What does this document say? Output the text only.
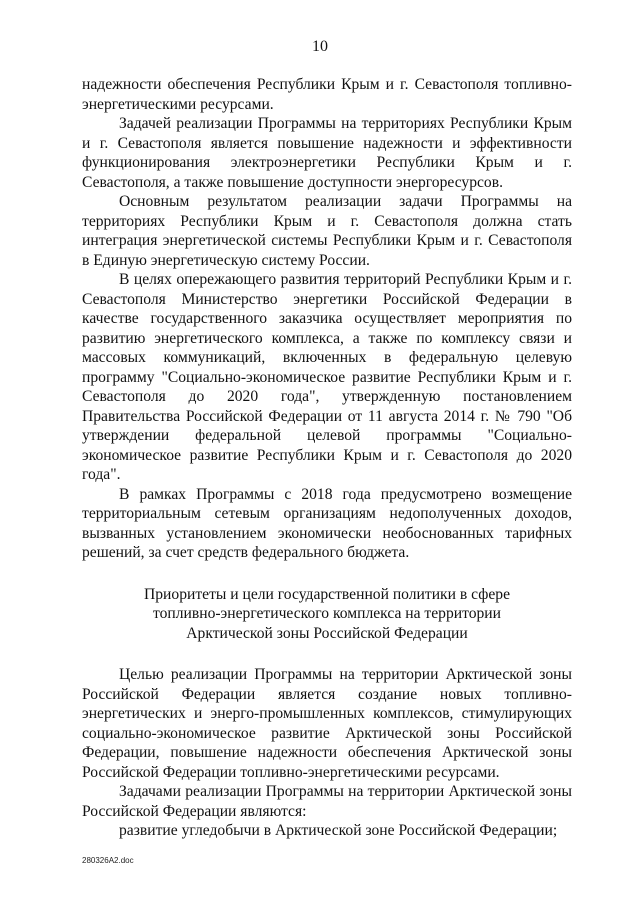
10

надежности обеспечения Республики Крым и г. Севастополя топливно-энергетическими ресурсами.

Задачей реализации Программы на территориях Республики Крым и г. Севастополя является повышение надежности и эффективности функционирования электроэнергетики Республики Крым и г. Севастополя, а также повышение доступности энергоресурсов.

Основным результатом реализации задачи Программы на территориях Республики Крым и г. Севастополя должна стать интеграция энергетической системы Республики Крым и г. Севастополя в Единую энергетическую систему России.

В целях опережающего развития территорий Республики Крым и г. Севастополя Министерство энергетики Российской Федерации в качестве государственного заказчика осуществляет мероприятия по развитию энергетического комплекса, а также по комплексу связи и массовых коммуникаций, включенных в федеральную целевую программу "Социально-экономическое развитие Республики Крым и г. Севастополя до 2020 года", утвержденную постановлением Правительства Российской Федерации от 11 августа 2014 г. № 790 "Об утверждении федеральной целевой программы "Социально-экономическое развитие Республики Крым и г. Севастополя до 2020 года".

В рамках Программы с 2018 года предусмотрено возмещение территориальным сетевым организациям недополученных доходов, вызванных установлением экономически необоснованных тарифных решений, за счет средств федерального бюджета.

Приоритеты и цели государственной политики в сфере
топливно-энергетического комплекса на территории
Арктической зоны Российской Федерации

Целью реализации Программы на территории Арктической зоны Российской Федерации является создание новых топливно-энергетических и энерго-промышленных комплексов, стимулирующих социально-экономическое развитие Арктической зоны Российской Федерации, повышение надежности обеспечения Арктической зоны Российской Федерации топливно-энергетическими ресурсами.

Задачами реализации Программы на территории Арктической зоны Российской Федерации являются:

развитие угледобычи в Арктической зоне Российской Федерации;

280326А2.doc
